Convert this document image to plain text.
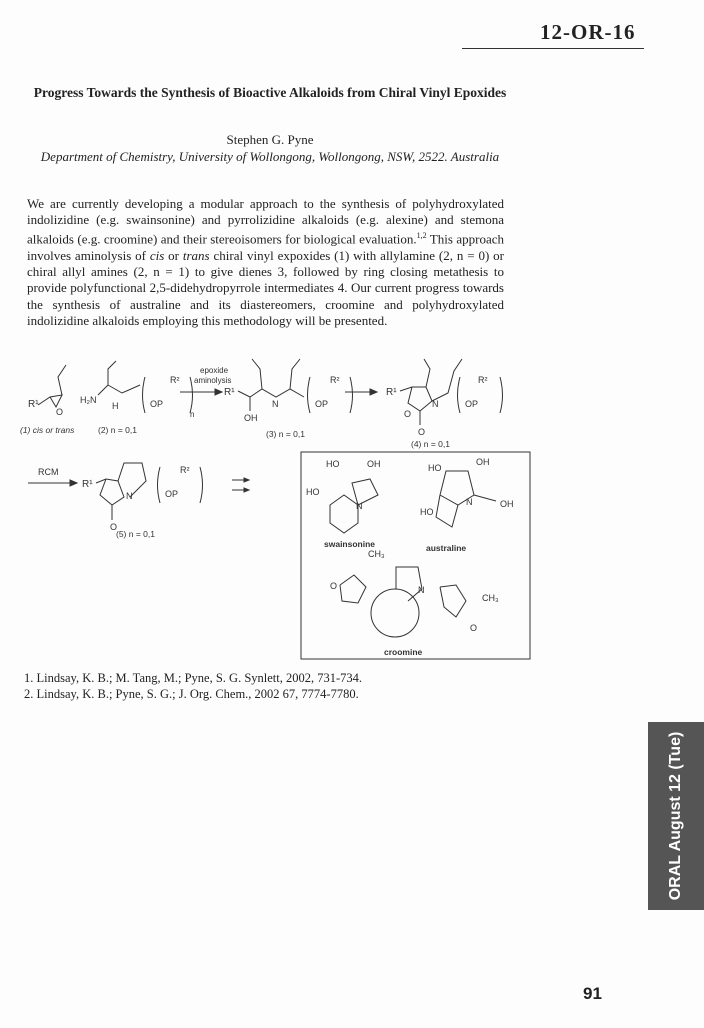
12-OR-16
Progress Towards the Synthesis of Bioactive Alkaloids from Chiral Vinyl Epoxides
Stephen G. Pyne
Department of Chemistry, University of Wollongong, Wollongong, NSW, 2522. Australia
We are currently developing a modular approach to the synthesis of polyhydroxylated indolizidine (e.g. swainsonine) and pyrrolizidine alkaloids (e.g. alexine) and stemona alkaloids (e.g. croomine) and their stereoisomers for biological evaluation.$^{1,2}$ This approach involves aminolysis of cis or trans chiral vinyl expoxides (1) with allylamine (2, n = 0) or chiral allyl amines (2, n = 1) to give dienes 3, followed by ring closing metathesis to provide polyfunctional 2,5-didehydropyrrole intermediates 4. Our current progress towards the synthesis of australine and its diastereomers, croomine and polyhydroxylated indolizidine alkaloids employing this methodology will be presented.
R¹
O
H₂N
H	OP
R²
n
(1) cis or trans	(2) n = 0,1
epoxide
aminolysis
R¹
N
OH
OP
R²
(3) n = 0,1
R¹
N
O
O
OP
R²
(4) n = 0,1
RCM
R¹
N
O
OP
R²
(5) n = 0,1
HO	OH
HO
N
swainsonine
HO
OH
HO
N	OH
australine
CH₃
O	N
CH₃
O
croomine
1. Lindsay, K. B.; M. Tang, M.; Pyne, S. G. Synlett, 2002, 731-734.
2. Lindsay, K. B.; Pyne, S. G.; J. Org. Chem., 2002 67, 7774-7780.
ORAL August 12 (Tue)
91
